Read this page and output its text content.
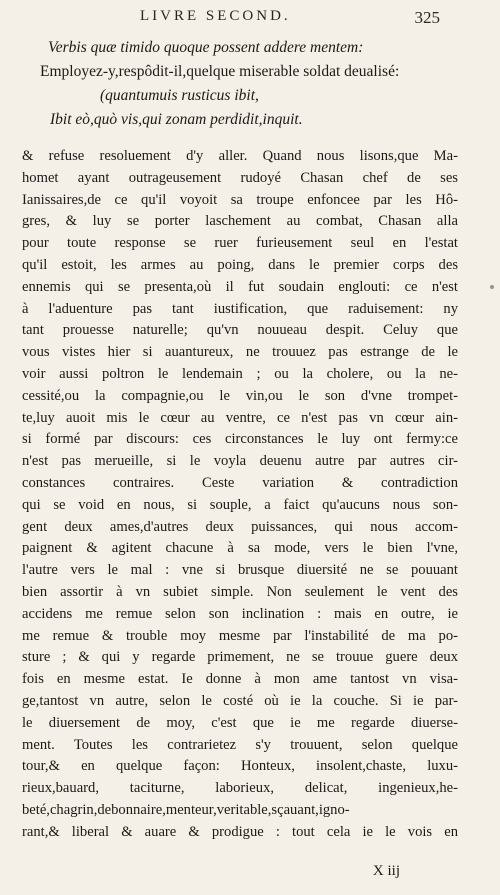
LIVRE SECOND.	325
Verbis quæ timido quoque possent addere mentem:
Employez-y,respôdit-il,quelque miserable soldat deualisé:
(quantumuis rusticus ibit,
Ibit eò,quò vis,qui zonam perdidit,inquit.
& refuse resoluement d'y aller. Quand nous lisons,que Ma-
homet ayant outrageusement rudoyé Chasan chef de ses
Ianissaires,de ce qu'il voyoit sa troupe enfoncee par les Hô-
gres, & luy se porter laschement au combat, Chasan alla
pour toute response se ruer furieusement seul en l'estat
qu'il estoit, les armes au poing, dans le premier corps des
ennemis qui se presenta,où il fut soudain englouti: ce n'est
à l'aduenture pas tant iustification, que raduisement: ny
tant prouesse naturelle; qu'vn nouueau despit. Celuy que
vous vistes hier si auantureux, ne trouuez pas estrange de le
voir aussi poltron le lendemain ; ou la cholere, ou la ne-
cessité,ou la compagnie,ou le vin,ou le son d'vne trompet-
te,luy auoit mis le cœur au ventre, ce n'est pas vn cœur ain-
si formé par discours: ces circonstances le luy ont fermy:ce
n'est pas merueille, si le voyla deuenu autre par autres cir-
constances contraires. Ceste variation & contradiction
qui se void en nous, si souple, a faict qu'aucuns nous son-
gent deux ames,d'autres deux puissances, qui nous accom-
paignent & agitent chacune à sa mode, vers le bien l'vne,
l'autre vers le mal : vne si brusque diuersité ne se pouuant
bien assortir à vn subiet simple. Non seulement le vent des
accidens me remue selon son inclination : mais en outre, ie
me remue & trouble moy mesme par l'instabilité de ma po-
sture ; & qui y regarde primement, ne se trouue guere deux
fois en mesme estat. Ie donne à mon ame tantost vn visa-
ge,tantost vn autre, selon le costé où ie la couche. Si ie par-
le diuersement de moy, c'est que ie me regarde diuerse-
ment. Toutes les contrarietez s'y trouuent, selon quelque
tour,& en quelque façon: Honteux, insolent,chaste, luxu-
rieux,bauard, taciturne, laborieux, delicat, ingenieux,he-
beté,chagrin,debonnaire,menteur,veritable,sçauant,igno-
rant,& liberal & auare & prodigue : tout cela ie le vois en
X iij
